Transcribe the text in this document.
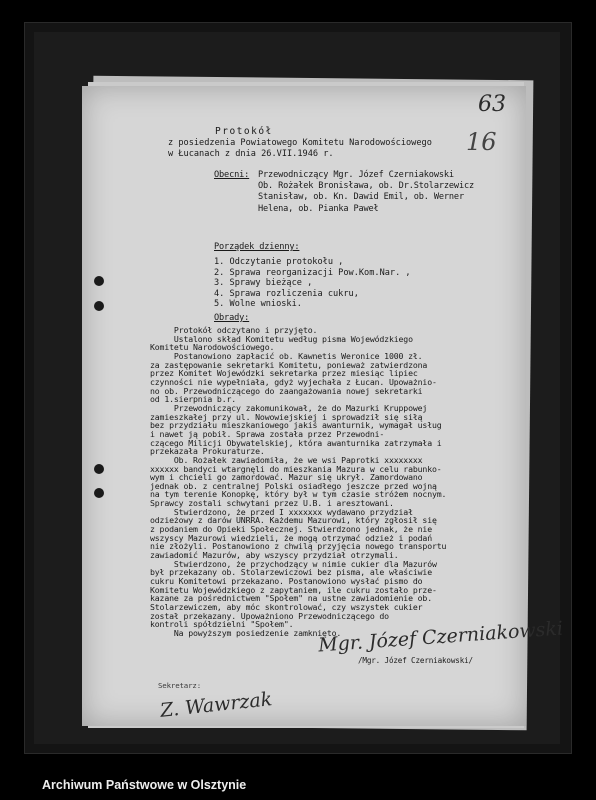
63
16
Protokół
z posiedzenia Powiatowego Komitetu Narodowościowego
w Łucanach z dnia 26.VII.1946 r.
Obecni: Przewodniczący Mgr. Józef Czerniakowski
Ob. Rożałek Bronisława, ob. Dr.Stolarzewicz
Stanisław, ob. Kn. Dawid Emil, ob. Werner
Helena, ob. Pianka Paweł
Porządek dzienny:
1. Odczytanie protokołu ,
2. Sprawa reorganizacji Pow.Kom.Nar. ,
3. Sprawy bieżące ,
4. Sprawa rozliczenia cukru,
5. Wolne wnioski.
Obrady:
Protokół odczytano i przyjęto.
Ustalono skład Komitetu według pisma Wojewódzkiego
Komitetu Narodowościowego.
Postanowiono zapłacić ob. Kawnetis Weronice 1000 zł.
za zastępowanie sekretarki Komitetu, ponieważ zatwierdzona
przez Komitet Wojewódzki sekretarka przez miesiąc lipiec
czynności nie wypełniała, gdyż wyjechała z Łucan. Upoważnio-
no ob. Przewodniczącego do zaangażowania nowej sekretarki
od 1.sierpnia b.r.
Przewodniczący zakomunikował, że do Mazurki Kruppowej
zamieszkałej przy ul. Nowowiejskiej i sprowadził się siłą
bez przydziału mieszkaniowego jakiś awanturnik, wymagał usług
i nawet ją pobił. Sprawa została przez Przewodni-
czącego Milicji Obywatelskiej, która awanturnika zatrzymała i
przekazała Prokuraturze.
Ob. Rożałek zawiadomiła, że we wsi Paprotki xxxxxxxx
xxxxxx bandyci wtargnęli do mieszkania Mazura w celu rabunko-
wym i chcieli go zamordować. Mazur się ukrył. Zamordowano
jednak ob. z centralnej Polski osiadłego jeszcze przed wojną
na tym terenie Konopkę, który był w tym czasie stróżem nocnym.
Sprawcy zostali schwytani przez U.B. i aresztowani.
Stwierdzono, że przed I xxxxxxx wydawano przydział
odzieżowy z darów UNRRA. Każdemu Mazurowi, który zgłosił się
z podaniem do Opieki Społecznej. Stwierdzono jednak, że nie
wszyscy Mazurowi wiedzieli, że mogą otrzymać odzież i podań
nie złożyli. Postanowiono z chwilą przyjęcia nowego transportu
zawiadomić Mazurów, aby wszyscy przydział otrzymali.
Stwierdzono, że przychodzący w nimie cukier dla Mazurów
był przekazany ob. Stolarzewiczowi bez pisma, ale właściwie
cukru Komitetowi przekazano. Postanowiono wysłać pismo do
Komitetu Wojewódzkiego z zapytaniem, ile cukru zostało prze-
kazane za pośrednictwem "Społem" na ustne zawiadomienie ob.
Stolarzewiczem, aby móc skontrolować, czy wszystek cukier
został przekazany. Upoważniono Przewodniczącego do
kontroli spółdzielni "Społem".
Na powyższym posiedzenie zamknięto.
Mgr. Józef Czerniakowski
/Mgr. Józef Czerniakowski/
Sekretarz:
Z. Wawrzak
Archiwum Państwowe w Olsztynie
